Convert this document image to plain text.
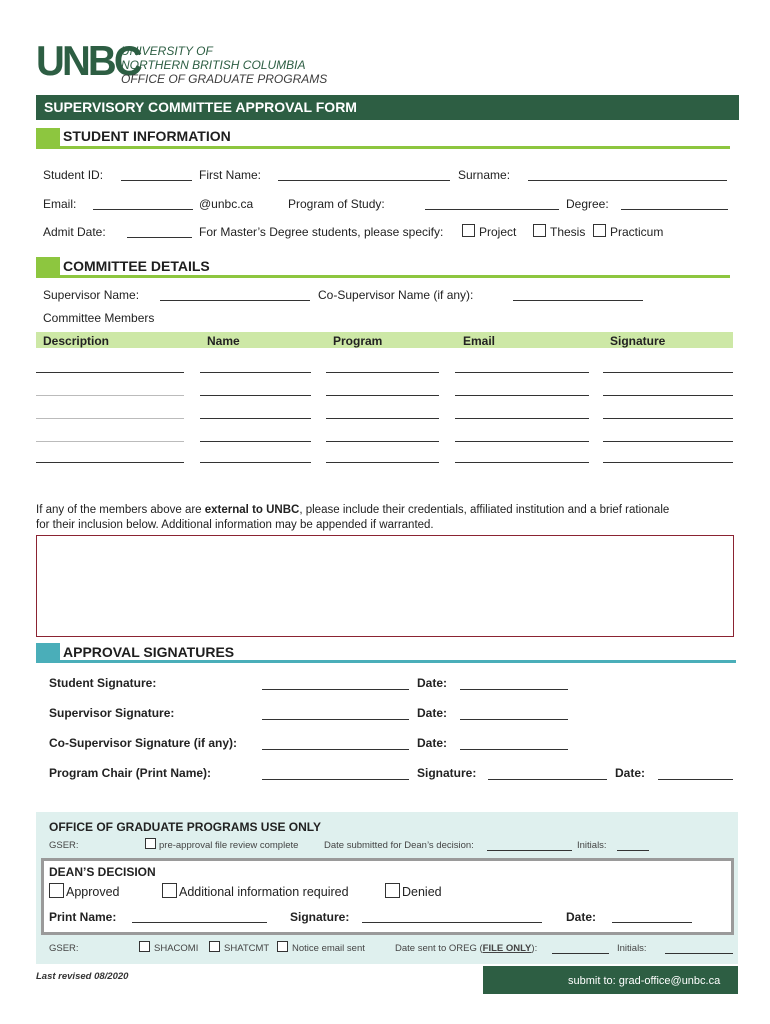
UNBC
UNIVERSITY OF
NORTHERN BRITISH COLUMBIA
OFFICE OF GRADUATE PROGRAMS
SUPERVISORY COMMITTEE APPROVAL FORM
STUDENT INFORMATION
Student ID:	First Name:	Surname:
Email:	@unbc.ca	Program of Study:	Degree:
Admit Date:	For Master’s Degree students, please specify:	Project	Thesis Practicum
COMMITTEE DETAILS
Supervisor Name:	Co-Supervisor Name (if any):
Committee Members
Description	Name	Program	Email	Signature
If any of the members above are external to UNBC, please include their credentials, affiliated institution and a brief rationale
for their inclusion below. Additional information may be appended if warranted.
APPROVAL SIGNATURES
Student Signature:	Date:
Supervisor Signature:	Date:
Co-Supervisor Signature (if any):	Date:
Program Chair (Print Name):	Signature:	Date:
OFFICE OF GRADUATE PROGRAMS USE ONLY
GSER:	pre-approval file review complete	Date submitted for Dean’s decision:	Initials:
DEAN’S DECISION
Approved	Additional information required	Denied
Print Name:	Signature:	Date:
GSER:	SHACOMI	SHATCMT Notice email sent	Date sent to OREG (FILE ONLY):	Initials:
Last revised 08/2020	submit to: grad-office@unbc.ca
